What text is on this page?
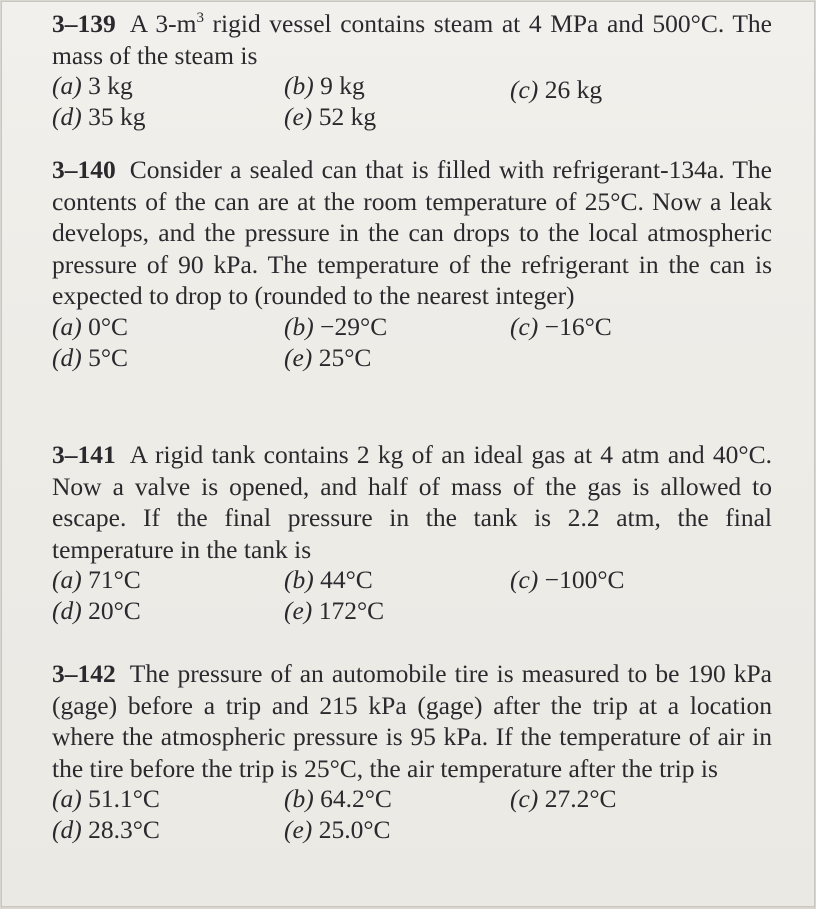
3–139 A $3-m^3$ rigid vessel contains steam at 4 MPa and 500°C. The mass of the steam is

(a) 3 kg	(b) 9 kg	(c) 26 kg
(d) 35 kg	(e) 52 kg

3–140 Consider a sealed can that is filled with refrigerant-134a. The contents of the can are at the room temperature of 25°C. Now a leak develops, and the pressure in the can drops to the local atmospheric pressure of 90 kPa. The temperature of the refrigerant in the can is expected to drop to (rounded to the nearest integer)

(a) 0°C	(b) −29°C	(c) −16°C
(d) 5°C	(e) 25°C

3–141 A rigid tank contains 2 kg of an ideal gas at 4 atm and 40°C. Now a valve is opened, and half of mass of the gas is allowed to escape. If the final pressure in the tank is 2.2 atm, the final temperature in the tank is

(a) 71°C	(b) 44°C	(c) −100°C
(d) 20°C	(e) 172°C

3–142 The pressure of an automobile tire is measured to be 190 kPa (gage) before a trip and 215 kPa (gage) after the trip at a location where the atmospheric pressure is 95 kPa. If the temperature of air in the tire before the trip is 25°C, the air temperature after the trip is

(a) 51.1°C	(b) 64.2°C	(c) 27.2°C
(d) 28.3°C	(e) 25.0°C
